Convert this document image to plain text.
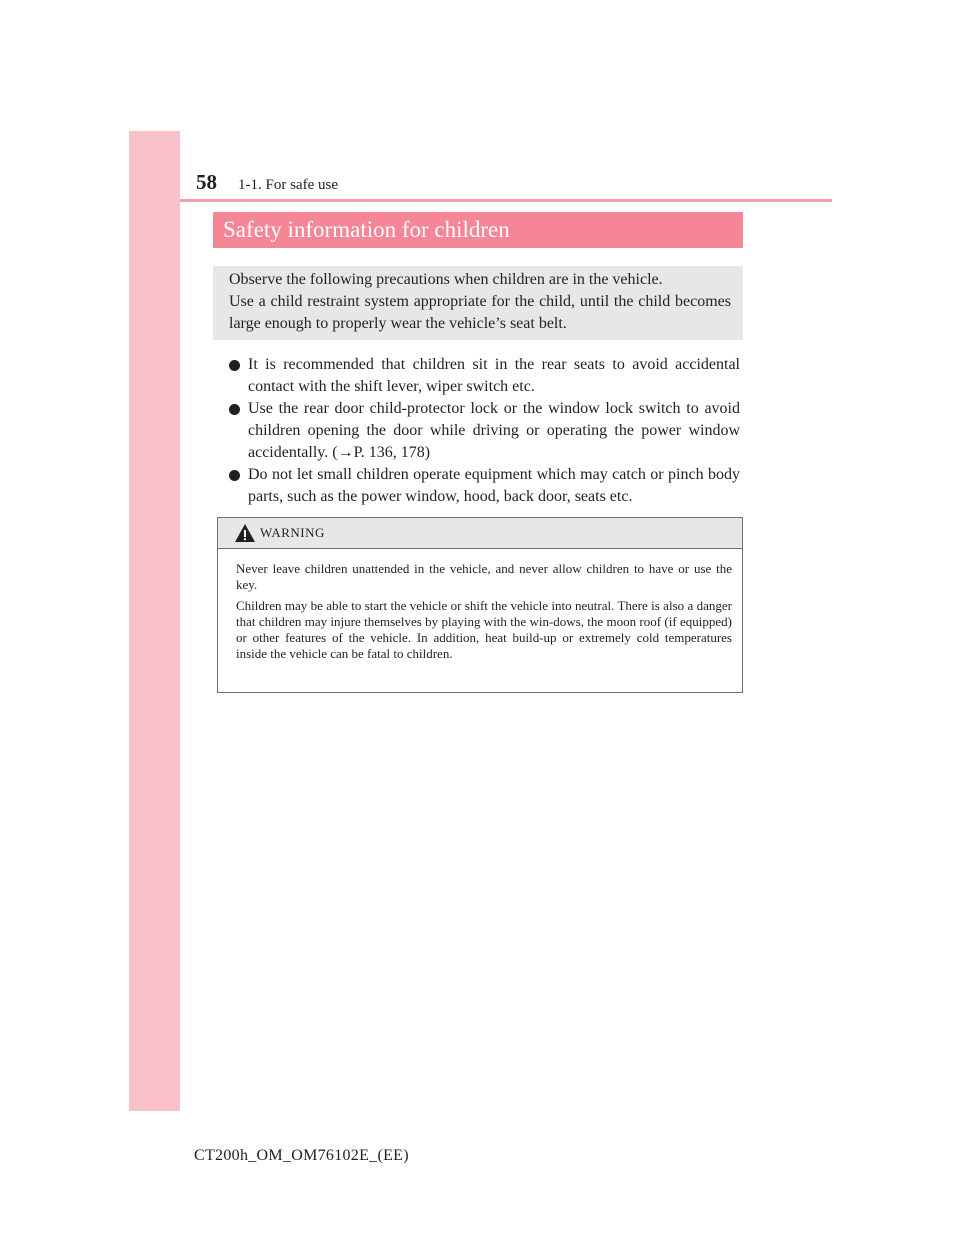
58 1-1. For safe use
Safety information for children

Observe the following precautions when children are in the vehicle.

Use a child restraint system appropriate for the child, until the child becomes large enough to properly wear the vehicle’s seat belt.

It is recommended that children sit in the rear seats to avoid accidental contact with the shift lever, wiper switch etc.
Use the rear door child-protector lock or the window lock switch to avoid children opening the door while driving or operating the power window accidentally. (→P. 136, 178)
Do not let small children operate equipment which may catch or pinch body parts, such as the power window, hood, back door, seats etc.
WARNING

Never leave children unattended in the vehicle, and never allow children to have or use the key.

Children may be able to start the vehicle or shift the vehicle into neutral. There is also a danger that children may injure themselves by playing with the win-dows, the moon roof (if equipped) or other features of the vehicle. In addition, heat build-up or extremely cold temperatures inside the vehicle can be fatal to children.

CT200h_OM_OM76102E_(EE)
